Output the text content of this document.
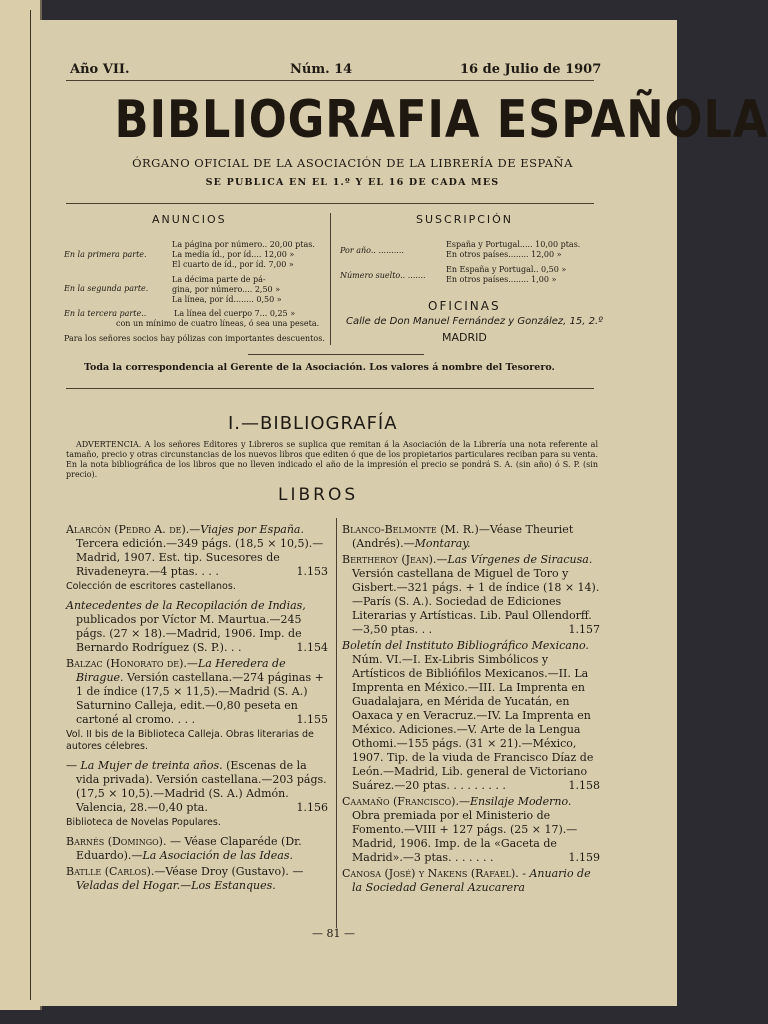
Año VII.	Núm. 14	16 de Julio de 1907
BIBLIOGRAFIA ESPAÑOLA
ÓRGANO OFICIAL DE LA ASOCIACIÓN DE LA LIBRERÍA DE ESPAÑA
SE PUBLICA EN EL 1.º Y EL 16 DE CADA MES
ANUNCIOS
En la primera parte.
La página por número.. 20,00 ptas.
La media íd., por íd.... 12,00 »
El cuarto de íd., por íd. 7,00 »
En la segunda parte.
La décima parte de pá-
gina, por número.... 2,50 »
La línea, por íd........ 0,50 »
En la tercera parte..	La línea del cuerpo 7... 0,25 »
con un mínimo de cuatro líneas, ó sea una peseta.
Para los señores socios hay pólizas con importantes descuentos.
SUSCRIPCIÓN
Por año.. ..........
España y Portugal..... 10,00 ptas.
En otros países........ 12,00 »
Número suelto.. .......
En España y Portugal.. 0,50 »
En otros países........ 1,00 »
OFICINAS
Calle de Don Manuel Fernández y González, 15, 2.º
MADRID
Toda la correspondencia al Gerente de la Asociación. Los valores á nombre del Tesorero.
I.—BIBLIOGRAFÍA
ADVERTENCIA. A los señores Editores y Libreros se suplica que remitan á la Asociación de la Librería una nota referente al tamaño, precio y otras circunstancias de los nuevos libros que editen ó que de los propietarios particulares reciban para su venta. En la nota bibliográfica de los libros que no lleven indicado el año de la impresión el precio se pondrá S. A. (sin año) ó S. P. (sin precio).
LIBROS

Alarcón (Pedro A. de).—Viajes por España. Tercera edición.—349 págs. (18,5 × 10,5).—Madrid, 1907. Est. tip. Sucesores de Rivadeneyra.—4 ptas. . . .	1.153

Colección de escritores castellanos.

Antecedentes de la Recopilación de Indias, publicados por Víctor M. Maurtua.—245 págs. (27 × 18).—Madrid, 1906. Imp. de Bernardo Rodríguez (S. P.). . .	1.154

Balzac (Honorato de).—La Heredera de Birague. Versión castellana.—274 páginas + 1 de índice (17,5 × 11,5).—Madrid (S. A.) Saturnino Calleja, edit.—0,80 peseta en cartoné al cromo. . . .	1.155

Vol. II bis de la Biblioteca Calleja. Obras literarias de autores célebres.

— La Mujer de treinta años. (Escenas de la vida privada). Versión castellana.—203 págs. (17,5 × 10,5).—Madrid (S. A.) Admón. Valencia, 28.—0,40 pta.	1.156

Biblioteca de Novelas Populares.

Barnés (Domingo). — Véase Claparéde (Dr. Eduardo).—La Asociación de las Ideas.

Batlle (Carlos).—Véase Droy (Gustavo). —Veladas del Hogar.—Los Estanques.

Blanco-Belmonte (M. R.)—Véase Theuriet (Andrés).—Montaray.

Bertheroy (Jean).—Las Vírgenes de Siracusa. Versión castellana de Miguel de Toro y Gisbert.—321 págs. + 1 de índice (18 × 14).—París (S. A.). Sociedad de Ediciones Literarias y Artísticas. Lib. Paul Ollendorff.—3,50 ptas. . .	1.157

Boletín del Instituto Bibliográfico Mexicano. Núm. VI.—I. Ex-Libris Simbólicos y Artísticos de Bibliófilos Mexicanos.—II. La Imprenta en México.—III. La Imprenta en Guadalajara, en Mérida de Yucatán, en Oaxaca y en Veracruz.—IV. La Imprenta en México. Adiciones.—V. Arte de la Lengua Othomi.—155 págs. (31 × 21).—México, 1907. Tip. de la viuda de Francisco Díaz de León.—Madrid, Lib. general de Victoriano Suárez.—20 ptas. . . . . . . . .	1.158

Caamaño (Francisco).—Ensilaje Moderno. Obra premiada por el Ministerio de Fomento.—VIII + 127 págs. (25 × 17).—Madrid, 1906. Imp. de la «Gaceta de Madrid».—3 ptas. . . . . . .	1.159

Canosa (José) y Nakens (Rafael). - Anuario de la Sociedad General Azucarera

— 81 —
